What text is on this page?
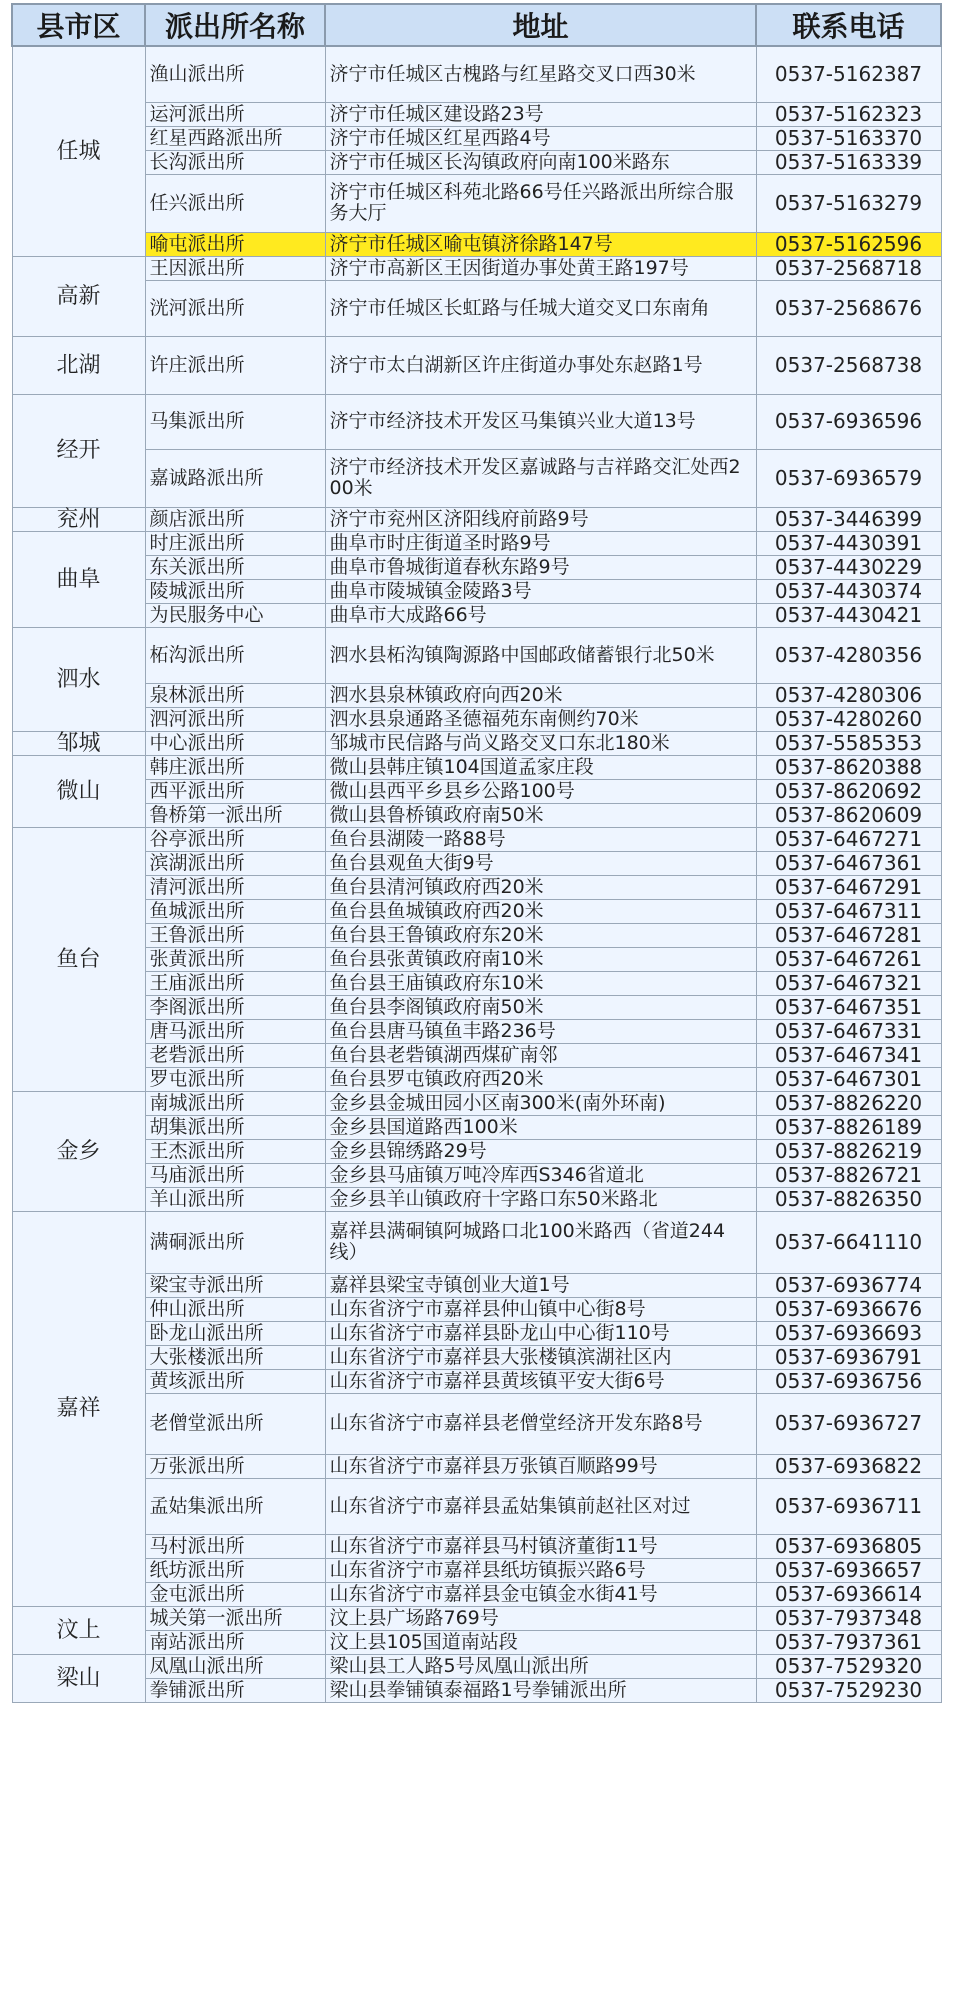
县市区	派出所名称	地址	联系电话
任城	渔山派出所	济宁市任城区古槐路与红星路交叉口西30米	0537-5162387
	运河派出所	济宁市任城区建设路23号	0537-5162323
	红星西路派出所	济宁市任城区红星西路4号	0537-5163370
	长沟派出所	济宁市任城区长沟镇政府向南100米路东	0537-5163339
	任兴派出所	济宁市任城区科苑北路66号任兴路派出所综合服务大厅	0537-5163279
	喻屯派出所	济宁市任城区喻屯镇济徐路147号	0537-5162596
高新	王因派出所	济宁市高新区王因街道办事处黄王路197号	0537-2568718
	洸河派出所	济宁市任城区长虹路与任城大道交叉口东南角	0537-2568676
北湖	许庄派出所	济宁市太白湖新区许庄街道办事处东赵路1号	0537-2568738
经开	马集派出所	济宁市经济技术开发区马集镇兴业大道13号	0537-6936596
	嘉诚路派出所	济宁市经济技术开发区嘉诚路与吉祥路交汇处西200米	0537-6936579
兖州	颜店派出所	济宁市兖州区济阳线府前路9号	0537-3446399
曲阜	时庄派出所	曲阜市时庄街道圣时路9号	0537-4430391
	东关派出所	曲阜市鲁城街道春秋东路9号	0537-4430229
	陵城派出所	曲阜市陵城镇金陵路3号	0537-4430374
	为民服务中心	曲阜市大成路66号	0537-4430421
泗水	柘沟派出所	泗水县柘沟镇陶源路中国邮政储蓄银行北50米	0537-4280356
	泉林派出所	泗水县泉林镇政府向西20米	0537-4280306
	泗河派出所	泗水县泉通路圣德福苑东南侧约70米	0537-4280260
邹城	中心派出所	邹城市民信路与尚义路交叉口东北180米	0537-5585353
微山	韩庄派出所	微山县韩庄镇104国道孟家庄段	0537-8620388
	西平派出所	微山县西平乡县乡公路100号	0537-8620692
	鲁桥第一派出所	微山县鲁桥镇政府南50米	0537-8620609
鱼台	谷亭派出所	鱼台县湖陵一路88号	0537-6467271
	滨湖派出所	鱼台县观鱼大街9号	0537-6467361
	清河派出所	鱼台县清河镇政府西20米	0537-6467291
	鱼城派出所	鱼台县鱼城镇政府西20米	0537-6467311
	王鲁派出所	鱼台县王鲁镇政府东20米	0537-6467281
	张黄派出所	鱼台县张黄镇政府南10米	0537-6467261
	王庙派出所	鱼台县王庙镇政府东10米	0537-6467321
	李阁派出所	鱼台县李阁镇政府南50米	0537-6467351
	唐马派出所	鱼台县唐马镇鱼丰路236号	0537-6467331
	老砦派出所	鱼台县老砦镇湖西煤矿南邻	0537-6467341
	罗屯派出所	鱼台县罗屯镇政府西20米	0537-6467301
金乡	南城派出所	金乡县金城田园小区南300米(南外环南)	0537-8826220
	胡集派出所	金乡县国道路西100米	0537-8826189
	王杰派出所	金乡县锦绣路29号	0537-8826219
	马庙派出所	金乡县马庙镇万吨冷库西S346省道北	0537-8826721
	羊山派出所	金乡县羊山镇政府十字路口东50米路北	0537-8826350
嘉祥	满硐派出所	嘉祥县满硐镇阿城路口北100米路西（省道244线）	0537-6641110
	梁宝寺派出所	嘉祥县梁宝寺镇创业大道1号	0537-6936774
	仲山派出所	山东省济宁市嘉祥县仲山镇中心街8号	0537-6936676
	卧龙山派出所	山东省济宁市嘉祥县卧龙山中心街110号	0537-6936693
	大张楼派出所	山东省济宁市嘉祥县大张楼镇滨湖社区内	0537-6936791
	黄垓派出所	山东省济宁市嘉祥县黄垓镇平安大街6号	0537-6936756
	老僧堂派出所	山东省济宁市嘉祥县老僧堂经济开发东路8号	0537-6936727
	万张派出所	山东省济宁市嘉祥县万张镇百顺路99号	0537-6936822
	孟姑集派出所	山东省济宁市嘉祥县孟姑集镇前赵社区对过	0537-6936711
	马村派出所	山东省济宁市嘉祥县马村镇济董街11号	0537-6936805
	纸坊派出所	山东省济宁市嘉祥县纸坊镇振兴路6号	0537-6936657
	金屯派出所	山东省济宁市嘉祥县金屯镇金水街41号	0537-6936614
汶上	城关第一派出所	汶上县广场路769号	0537-7937348
	南站派出所	汶上县105国道南站段	0537-7937361
梁山	凤凰山派出所	梁山县工人路5号凤凰山派出所	0537-7529320
	拳铺派出所	梁山县拳铺镇泰福路1号拳铺派出所	0537-7529230
